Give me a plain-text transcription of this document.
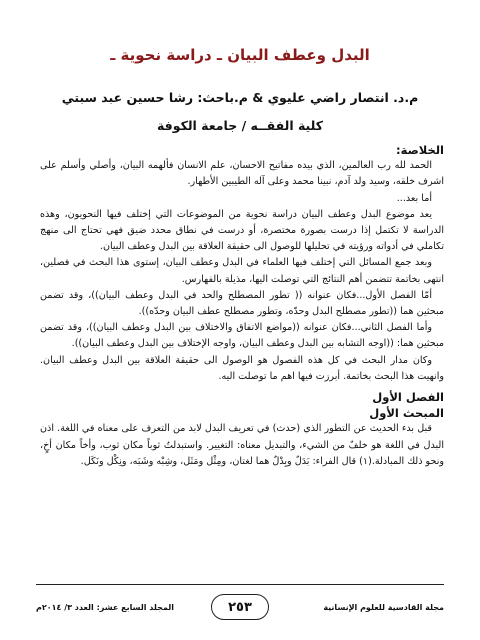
البدل وعطف البيان ـ دراسة نحوية ـ
م.د. انتصار راضي عليوي & م.باحث: رشا حسين عبد سبتي
كلية الفقــه / جامعة الكوفة

الخلاصة:

الحمد لله رب العالمين، الذي بيده مفاتيح الاحسان، علم الانسان فألهمه البيان، وأصلي وأسلم على اشرف خلقه، وسيد ولد آدم، نبينا محمد وعلى آله الطيبين الأطهار.

أما بعد...

يعد موضوع البدل وعطف البيان دراسة نحوية من الموضوعات التي إختلف فيها النحويون، وهذه الدراسة لا تكتمل إذا درست بصورة مختصرة، أو درست في نطاق محدد ضيق فهي تحتاج الى منهج تكاملي في أدواته ورؤيته في تحليلها للوصول الى حقيقة العلاقة بين البدل وعطف البيان.

وبعد جمع المسائل التي إختلف فيها العلماء في البدل وعطف البيان، إستوى هذا البحث في فصلين، انتهى بخاتمة تتضمن أهم النتائج التي توصلت اليها، مذيلة بالفهارس.

أمّا الفصل الأول...فكان عنوانه (( تطور المصطلح والحد في البدل وعطف البيان))، وقد تضمن مبحثين هما ((تطور مصطلح البدل وحدّه، وتطور مصطلح عطف البيان وحدّه)).

وأما الفصل الثاني...فكان عنوانه ((مواضع الاتفاق والاختلاف بين البدل وعطف البيان))، وقد تضمن مبحثين هما: ((اوجه التشابه بين البدل وعطف البيان، واوجه الإختلاف بين البدل وعطف البيان)).

وكان مدار البحث في كل هذه الفصول هو الوصول الى حقيقة العلاقة بين البدل وعطف البيان. وانهيت هذا البحث بخاتمة. أبرزت فيها اهم ما توصلت اليه.

الفصل الأول

المبحث الأول

قبل بدء الحديث عن التطور الذي (حدث) في تعريف البدل لابد من التعرف على معناه في اللغة. اذن البدل في اللغة هو خلفٌ من الشيء، والتبديل معناه: التغيير. واستبدلتُ ثوباً مكان ثوب، وأخاً مكان أخٍ، ونحو ذلك المبادلة.(١) قال الفراء: بَدَلٌ وبِدْلٌ هما لغتان، ومِثْل ومَثَل، وشِبْه وشَبَه، ونِكْل ونَكَل.

مجلة القادسية للعلوم الإنسانية
٢٥٣
المجلد السابع عشر: العدد ٣/ ٢٠١٤م
